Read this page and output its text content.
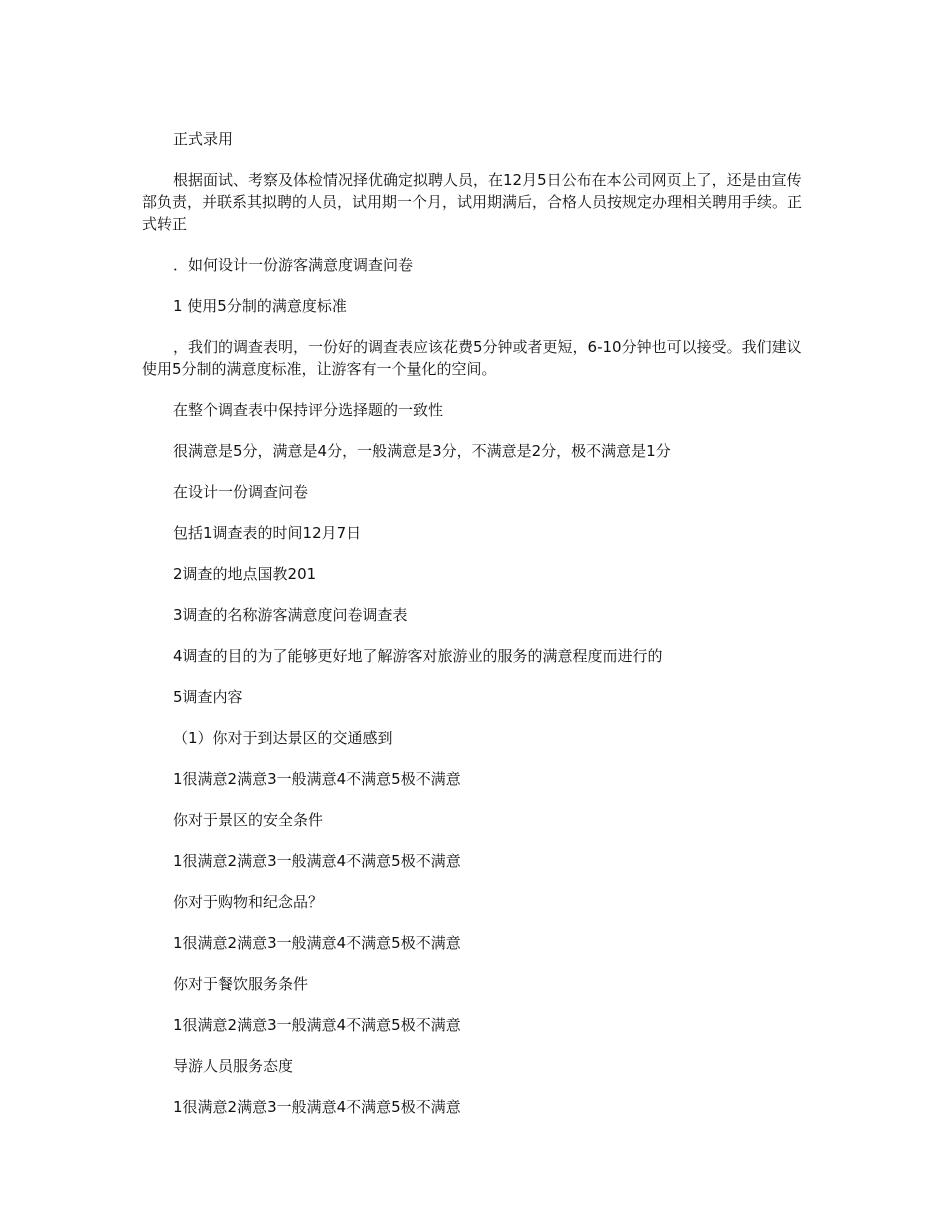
正式录用

根据面试、考察及体检情况择优确定拟聘人员，在12月5日公布在本公司网页上了，还是由宣传部负责，并联系其拟聘的人员，试用期一个月，试用期满后，合格人员按规定办理相关聘用手续。正式转正

．如何设计一份游客满意度调查问卷

1 使用5分制的满意度标准

，我们的调查表明，一份好的调查表应该花费5分钟或者更短，6-10分钟也可以接受。我们建议使用5分制的满意度标准，让游客有一个量化的空间。

在整个调查表中保持评分选择题的一致性

很满意是5分，满意是4分，一般满意是3分，不满意是2分，极不满意是1分

在设计一份调查问卷

包括1调查表的时间12月7日

2调查的地点国教201

3调查的名称游客满意度问卷调查表

4调查的目的为了能够更好地了解游客对旅游业的服务的满意程度而进行的

5调查内容

（1）你对于到达景区的交通感到

1很满意2满意3一般满意4不满意5极不满意

你对于景区的安全条件

1很满意2满意3一般满意4不满意5极不满意

你对于购物和纪念品？

1很满意2满意3一般满意4不满意5极不满意

你对于餐饮服务条件

1很满意2满意3一般满意4不满意5极不满意

导游人员服务态度

1很满意2满意3一般满意4不满意5极不满意
